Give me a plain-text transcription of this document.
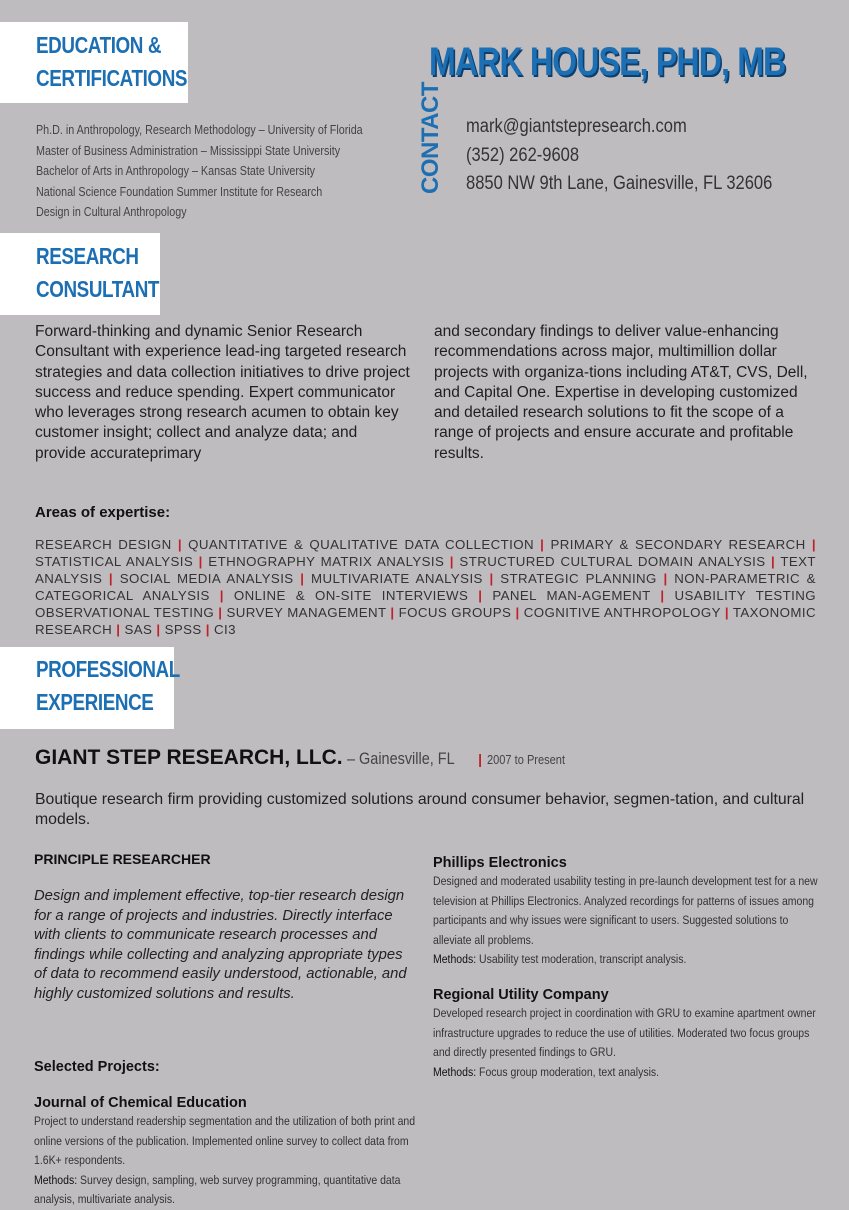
EDUCATION &
CERTIFICATIONS
Ph.D. in Anthropology, Research Methodology – University of Florida
Master of Business Administration – Mississippi State University
Bachelor of Arts in Anthropology – Kansas State University
National Science Foundation Summer Institute for Research
Design in Cultural Anthropology
MARK HOUSE, PHD, MB
CONTACT mark@giantstepresearch.com
(352) 262-9608
8850 NW 9th Lane, Gainesville, FL 32606
RESEARCH
CONSULTANT

Forward-thinking and dynamic Senior Research Consultant with experience lead-ing targeted research strategies and data collection initiatives to drive project success and reduce spending. Expert communicator who leverages strong research acumen to obtain key customer insight; collect and analyze data; and provide accurateprimary

and secondary findings to deliver value-enhancing recommendations across major, multimillion dollar projects with organiza-tions including AT&T, CVS, Dell, and Capital One. Expertise in developing customized and detailed research solutions to fit the scope of a range of projects and ensure accurate and profitable results.

Areas of expertise:
RESEARCH DESIGN | QUANTITATIVE & QUALITATIVE DATA COLLECTION | PRIMARY & SECONDARY RESEARCH | STATISTICAL ANALYSIS | ETHNOGRAPHY MATRIX ANALYSIS | STRUCTURED CULTURAL DOMAIN ANALYSIS | TEXT ANALYSIS | SOCIAL MEDIA ANALYSIS | MULTIVARIATE ANALYSIS | STRATEGIC PLANNING | NON-PARAMETRIC & CATEGORICAL ANALYSIS | ONLINE & ON-SITE INTERVIEWS | PANEL MAN-AGEMENT | USABILITY TESTING OBSERVATIONAL TESTING | SURVEY MANAGEMENT | FOCUS GROUPS | COGNITIVE ANTHROPOLOGY | TAXONOMIC RESEARCH | SAS | SPSS | CI3
PROFESSIONAL
EXPERIENCE
GIANT STEP RESEARCH, LLC. – Gainesville, FL | 2007 to Present
Boutique research firm providing customized solutions around consumer behavior, segmen-tation, and cultural models.
PRINCIPLE RESEARCHER
Design and implement effective, top-tier research design for a range of projects and industries. Directly interface with clients to communicate research processes and findings while collecting and analyzing appropriate types of data to recommend easily understood, actionable, and highly customized solutions and results.
Selected Projects:
Journal of Chemical Education
Project to understand readership segmentation and the utilization of both print and online versions of the publication. Implemented online survey to collect data from 1.6K+ respondents.
Methods: Survey design, sampling, web survey programming, quantitative data analysis, multivariate analysis.
Phillips Electronics
Designed and moderated usability testing in pre-launch development test for a new television at Phillips Electronics. Analyzed recordings for patterns of issues among participants and why issues were significant to users. Suggested solutions to alleviate all problems.
Methods: Usability test moderation, transcript analysis.
Regional Utility Company
Developed research project in coordination with GRU to examine apartment owner infrastructure upgrades to reduce the use of utilities. Moderated two focus groups and directly presented findings to GRU.
Methods: Focus group moderation, text analysis.
